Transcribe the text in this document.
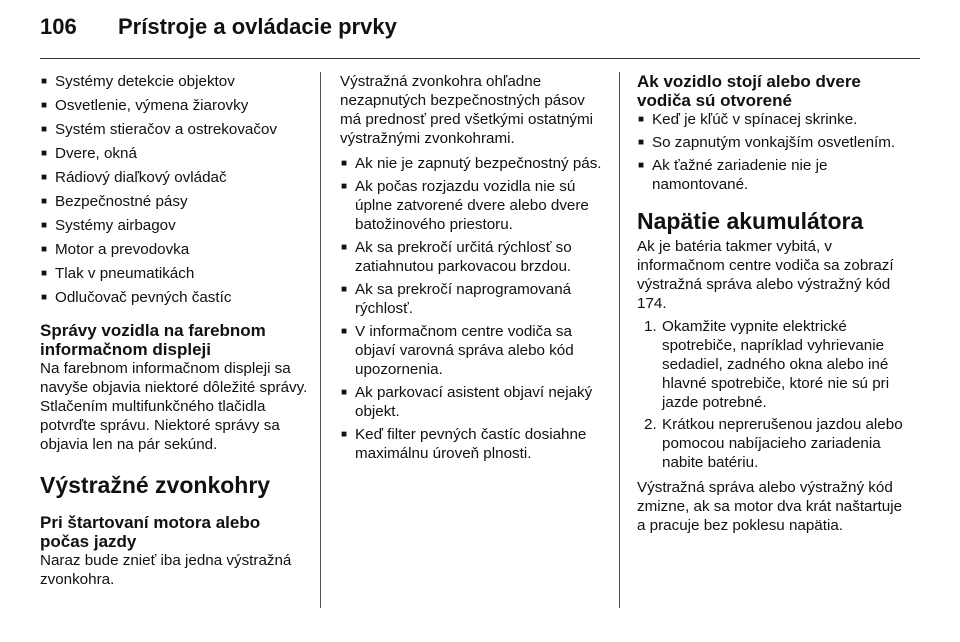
106	Prístroje a ovládacie prvky
■ Systémy detekcie objektov
■ Osvetlenie, výmena žiarovky
■ Systém stieračov a ostrekovačov
■ Dvere, okná
■ Rádiový diaľkový ovládač
■ Bezpečnostné pásy
■ Systémy airbagov
■ Motor a prevodovka
■ Tlak v pneumatikách
■ Odlučovač pevných častíc
Správy vozidla na farebnom informačnom displeji

Na farebnom informačnom displeji sa navyše objavia niektoré dôležité správy. Stlačením multifunkčného tlačidla potvrďte správu. Niektoré správy sa objavia len na pár sekúnd.

Výstražné zvonkohry
Pri štartovaní motora alebo počas jazdy

Naraz bude znieť iba jedna výstražná zvonkohra.

Výstražná zvonkohra ohľadne nezapnutých bezpečnostných pásov má prednosť pred všetkými ostatnými výstražnými zvonkohrami.

■ Ak nie je zapnutý bezpečnostný pás.
■ Ak počas rozjazdu vozidla nie sú úplne zatvorené dvere alebo dvere batožinového priestoru.
■ Ak sa prekročí určitá rýchlosť so zatiahnutou parkovacou brzdou.
■ Ak sa prekročí naprogramovaná rýchlosť.
■ V informačnom centre vodiča sa objaví varovná správa alebo kód upozornenia.
■ Ak parkovací asistent objaví nejaký objekt.
■ Keď filter pevných častíc dosiahne maximálnu úroveň plnosti.
Ak vozidlo stojí alebo dvere vodiča sú otvorené
■ Keď je kľúč v spínacej skrinke.
■ So zapnutým vonkajším osvetlením.
■ Ak ťažné zariadenie nie je namontované.
Napätie akumulátora

Ak je batéria takmer vybitá, v informačnom centre vodiča sa zobrazí výstražná správa alebo výstražný kód 174.

1. Okamžite vypnite elektrické spotrebiče, napríklad vyhrievanie sedadiel, zadného okna alebo iné hlavné spotrebiče, ktoré nie sú pri jazde potrebné.
2. Krátkou neprerušenou jazdou alebo pomocou nabíjacieho zariadenia nabite batériu.

Výstražná správa alebo výstražný kód zmizne, ak sa motor dva krát naštartuje a pracuje bez poklesu napätia.
